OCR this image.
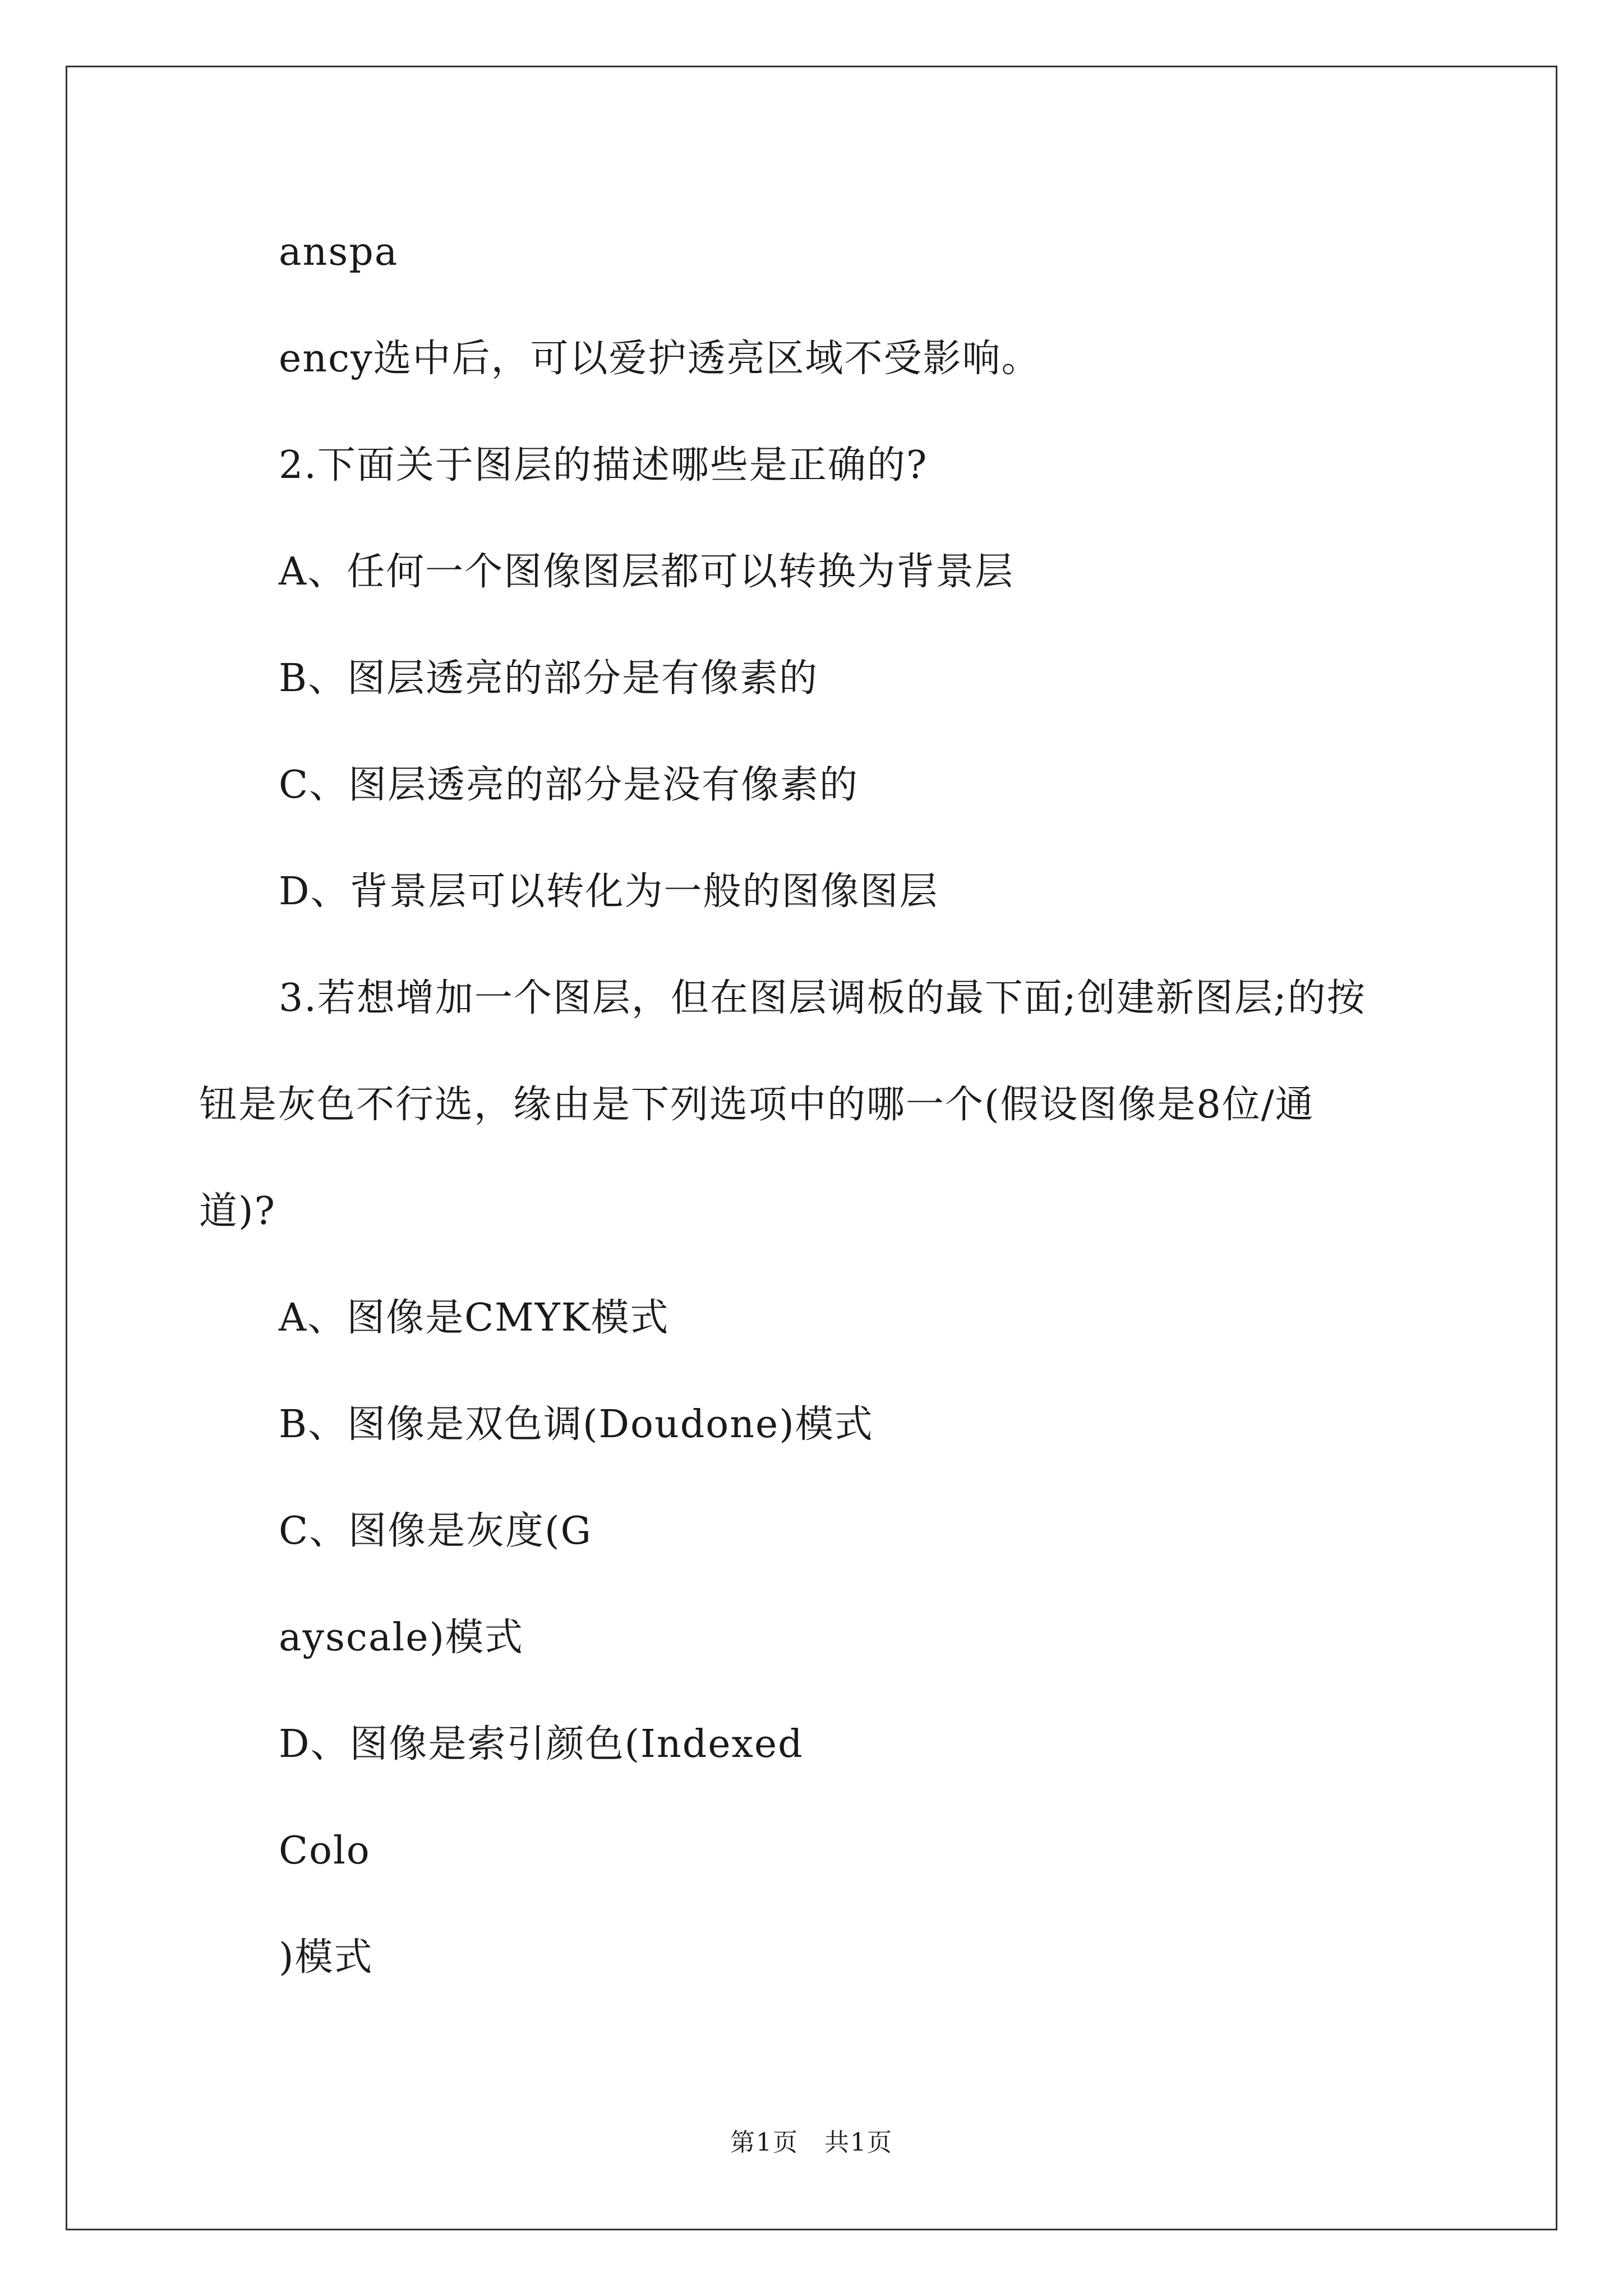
anspa
ency选中后，可以爱护透亮区域不受影响。
2.下面关于图层的描述哪些是正确的?
A、任何一个图像图层都可以转换为背景层
B、图层透亮的部分是有像素的
C、图层透亮的部分是没有像素的
D、背景层可以转化为一般的图像图层
3.若想增加一个图层，但在图层调板的最下面;创建新图层;的按
钮是灰色不行选，缘由是下列选项中的哪一个(假设图像是8位/通
道)?
A、图像是CMYK模式
B、图像是双色调(Doudone)模式
C、图像是灰度(G
ayscale)模式
D、图像是索引颜色(Indexed
Colo
)模式
第1页　共1页
